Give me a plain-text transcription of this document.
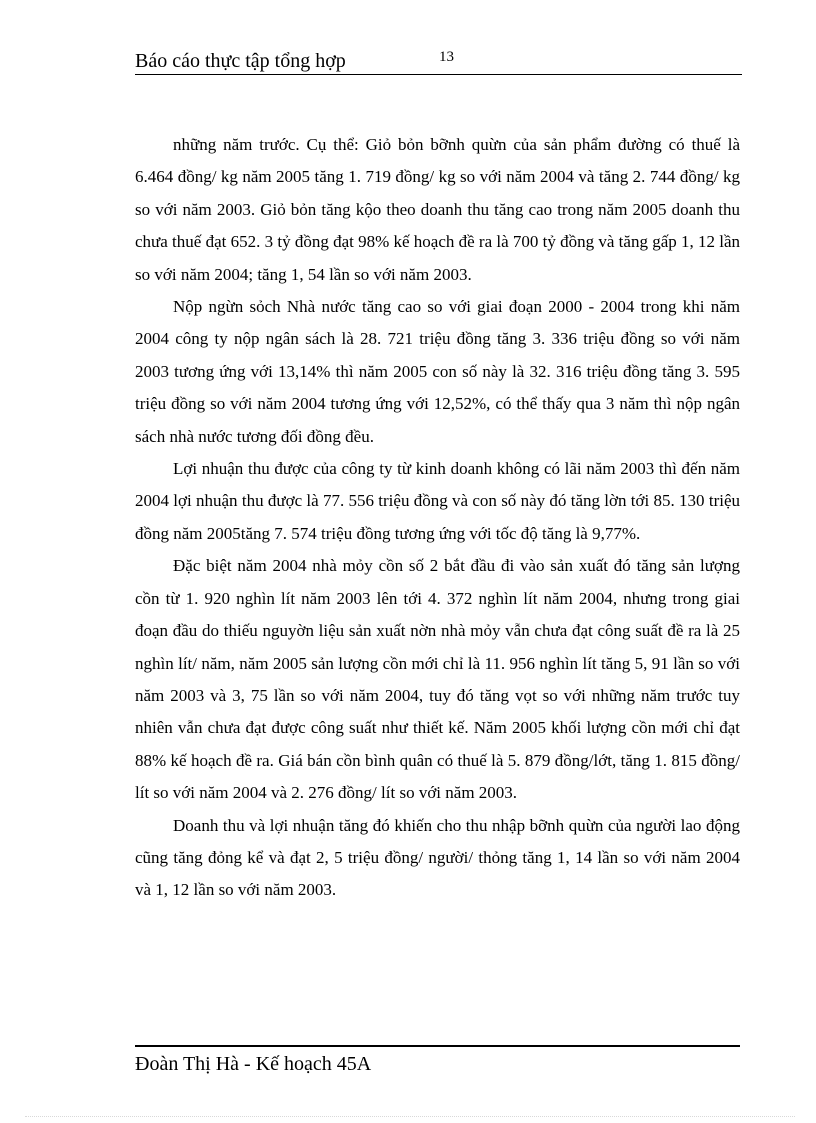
Báo cáo thực tập tổng hợp	13

những năm trước. Cụ thể: Giỏ bỏn bỡnh quừn của sản phẩm đường có thuế là 6.464 đồng/ kg năm 2005 tăng 1. 719 đồng/ kg so với năm 2004 và tăng 2. 744 đồng/ kg so với năm 2003. Giỏ bỏn tăng kộo theo doanh thu tăng cao trong năm 2005 doanh thu chưa thuế đạt 652. 3 tỷ đồng đạt 98% kế hoạch đề ra là 700 tỷ đồng và tăng gấp 1, 12 lần so với năm 2004; tăng 1, 54 lần so với năm 2003.

Nộp ngừn sỏch Nhà nước tăng cao so với giai đoạn 2000 - 2004 trong khi năm 2004 công ty nộp ngân sách là 28. 721 triệu đồng tăng 3. 336 triệu đồng so với năm 2003 tương ứng với 13,14% thì năm 2005 con số này là 32. 316 triệu đồng tăng 3. 595 triệu đồng so với năm 2004 tương ứng với 12,52%, có thể thấy qua 3 năm thì nộp ngân sách nhà nước tương đối đồng đều.

Lợi nhuận thu được của công ty từ kinh doanh không có lãi năm 2003 thì đến năm 2004 lợi nhuận thu được là 77. 556 triệu đồng và con số này đó tăng lờn tới 85. 130 triệu đồng năm 2005tăng 7. 574 triệu đồng tương ứng với tốc độ tăng là 9,77%.

Đặc biệt năm 2004 nhà mỏy cồn số 2 bắt đầu đi vào sản xuất đó tăng sản lượng cồn từ 1. 920 nghìn lít năm 2003 lên tới 4. 372 nghìn lít năm 2004, nhưng trong giai đoạn đầu do thiếu nguyờn liệu sản xuất nờn nhà mỏy vẫn chưa đạt công suất đề ra là 25 nghìn lít/ năm, năm 2005 sản lượng cồn mới chỉ là 11. 956 nghìn lít tăng 5, 91 lần so với năm 2003 và 3, 75 lần so với năm 2004, tuy đó tăng vọt so với những năm trước tuy nhiên vẫn chưa đạt được công suất như thiết kế. Năm 2005 khối lượng cồn mới chỉ đạt 88% kế hoạch đề ra. Giá bán cồn bình quân có thuế là 5. 879 đồng/lớt, tăng 1. 815 đồng/ lít so với năm 2004 và 2. 276 đồng/ lít so với năm 2003.

Doanh thu và lợi nhuận tăng đó khiến cho thu nhập bỡnh quừn của người lao động cũng tăng đỏng kể và đạt 2, 5 triệu đồng/ người/ thỏng tăng 1, 14 lần so với năm 2004 và 1, 12 lần so với năm 2003.

Đoàn Thị Hà - Kế hoạch 45A
